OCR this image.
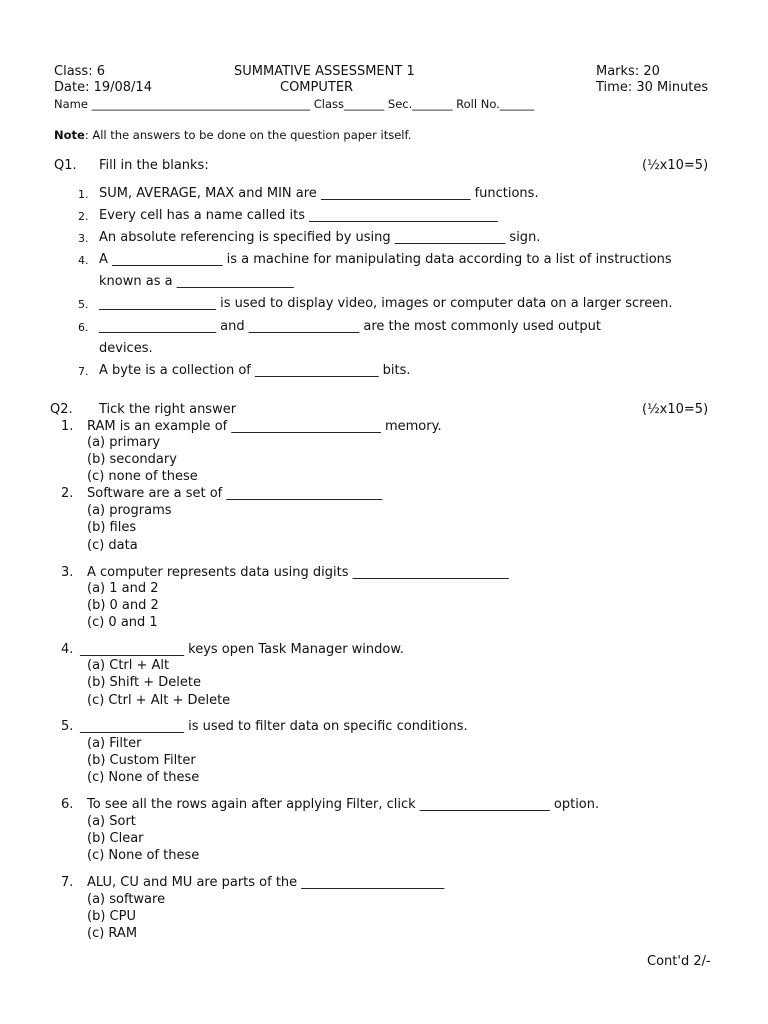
Class: 6	SUMMATIVE ASSESSMENT 1	Marks: 20
Date: 19/08/14	COMPUTER	Time: 30 Minutes
Name ______________________________________ Class_______ Sec._______ Roll No.______
Note: All the answers to be done on the question paper itself.
Q1. Fill in the blanks:	(½x10=5)
1. SUM, AVERAGE, MAX and MIN are _______________________ functions.
2. Every cell has a name called its _____________________________
3. An absolute referencing is specified by using _________________ sign.
4. A _________________ is a machine for manipulating data according to a list of instructions
known as a __________________
5. __________________ is used to display video, images or computer data on a larger screen.
6. __________________ and _________________ are the most commonly used output
devices.
7. A byte is a collection of ___________________ bits.
Q2. Tick the right answer	(½x10=5)
1. RAM is an example of _______________________ memory.
(a) primary
(b) secondary
(c) none of these
2. Software are a set of ________________________
(a) programs
(b) files
(c) data
3. A computer represents data using digits ________________________
(a) 1 and 2
(b) 0 and 2
(c) 0 and 1
4. ________________ keys open Task Manager window.
(a) Ctrl + Alt
(b) Shift + Delete
(c) Ctrl + Alt + Delete
5. ________________ is used to filter data on specific conditions.
(a) Filter
(b) Custom Filter
(c) None of these
6. To see all the rows again after applying Filter, click ____________________ option.
(a) Sort
(b) Clear
(c) None of these
7. ALU, CU and MU are parts of the ______________________
(a) software
(b) CPU
(c) RAM
Cont'd 2/-
